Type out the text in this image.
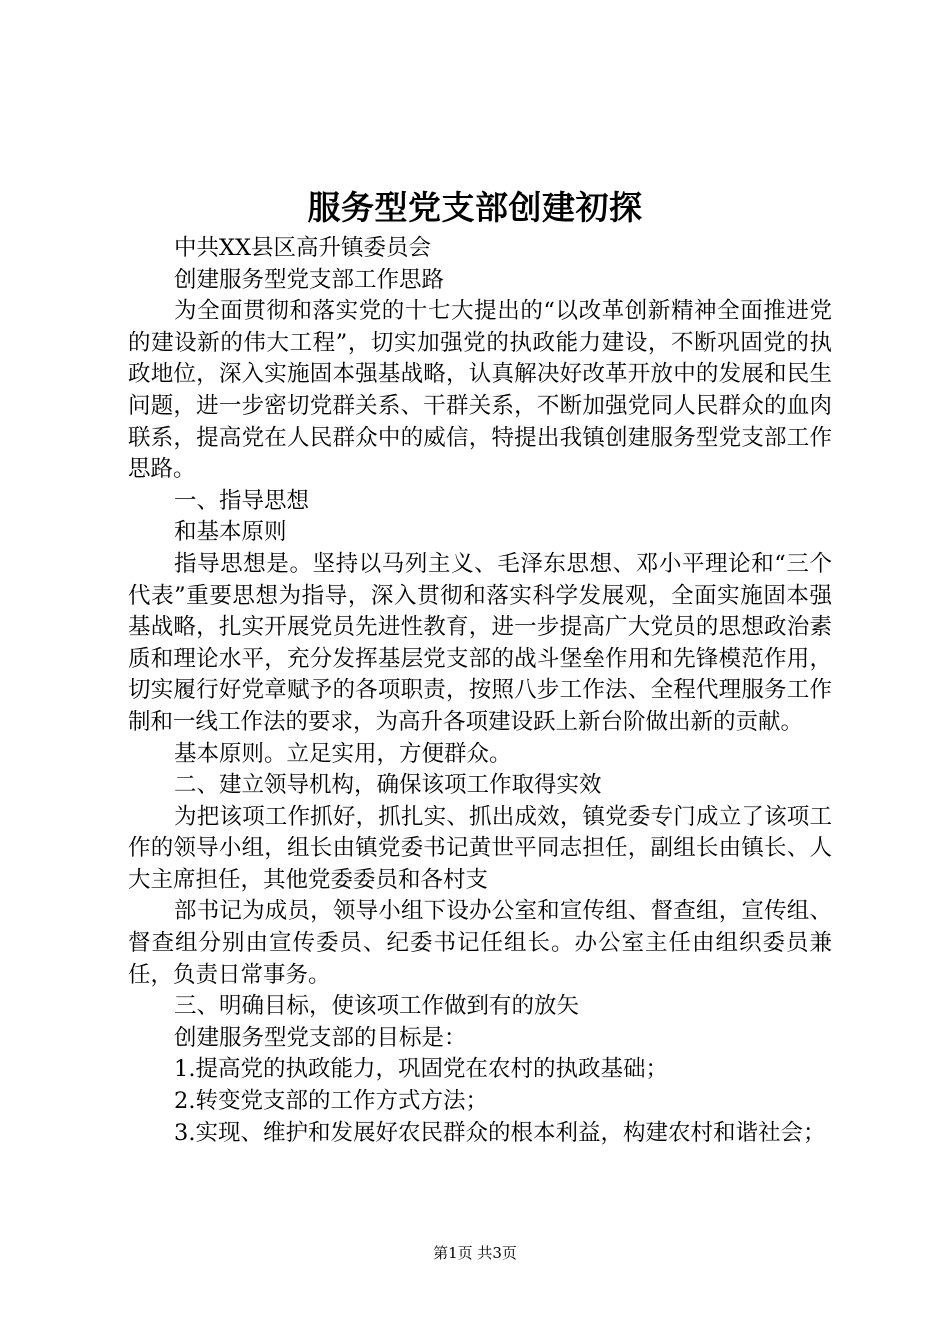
服务型党支部创建初探

中共XX县区高升镇委员会

创建服务型党支部工作思路

为全面贯彻和落实党的十七大提出的“以改革创新精神全面推进党的建设新的伟大工程”，切实加强党的执政能力建设，不断巩固党的执政地位，深入实施固本强基战略，认真解决好改革开放中的发展和民生问题，进一步密切党群关系、干群关系，不断加强党同人民群众的血肉联系，提高党在人民群众中的威信，特提出我镇创建服务型党支部工作思路。

一、指导思想

和基本原则

指导思想是。坚持以马列主义、毛泽东思想、邓小平理论和“三个代表”重要思想为指导，深入贯彻和落实科学发展观，全面实施固本强基战略，扎实开展党员先进性教育，进一步提高广大党员的思想政治素质和理论水平，充分发挥基层党支部的战斗堡垒作用和先锋模范作用，切实履行好党章赋予的各项职责，按照八步工作法、全程代理服务工作制和一线工作法的要求，为高升各项建设跃上新台阶做出新的贡献。

基本原则。立足实用，方便群众。

二、建立领导机构，确保该项工作取得实效

为把该项工作抓好，抓扎实、抓出成效，镇党委专门成立了该项工作的领导小组，组长由镇党委书记黄世平同志担任，副组长由镇长、人大主席担任，其他党委委员和各村支

部书记为成员，领导小组下设办公室和宣传组、督查组，宣传组、督查组分别由宣传委员、纪委书记任组长。办公室主任由组织委员兼任，负责日常事务。

三、明确目标，使该项工作做到有的放矢

创建服务型党支部的目标是：

1.提高党的执政能力，巩固党在农村的执政基础；

2.转变党支部的工作方式方法；

3.实现、维护和发展好农民群众的根本利益，构建农村和谐社会；

第1页 共3页
